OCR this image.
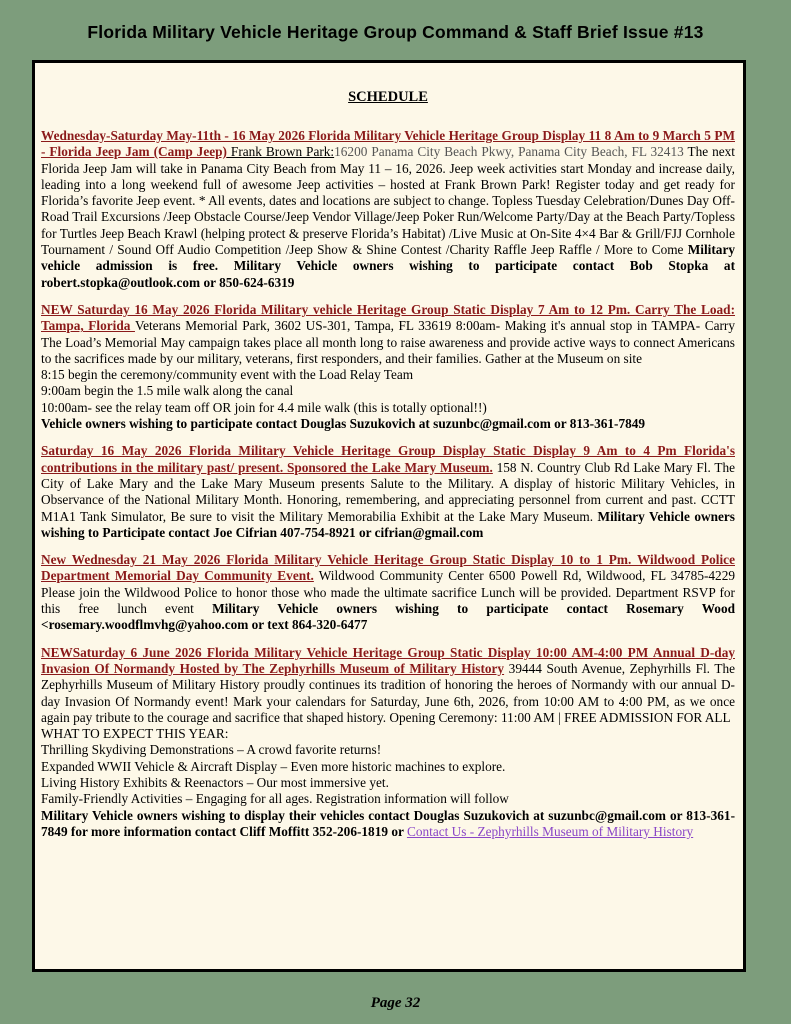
Florida Military Vehicle Heritage Group Command & Staff Brief Issue #13
SCHEDULE
Wednesday-Saturday May-11th - 16 May 2026 Florida Military Vehicle Heritage Group Display 11 8 Am to 9 March 5 PM - Florida Jeep Jam (Camp Jeep) Frank Brown Park:16200 Panama City Beach Pkwy, Panama City Beach, FL 32413 The next Florida Jeep Jam will take in Panama City Beach from May 11 – 16, 2026. Jeep week activities start Monday and increase daily, leading into a long weekend full of awesome Jeep activities – hosted at Frank Brown Park! Register today and get ready for Florida’s favorite Jeep event. * All events, dates and locations are subject to change. Topless Tuesday Celebration/Dunes Day Off-Road Trail Excursions /Jeep Obstacle Course/Jeep Vendor Village/Jeep Poker Run/Welcome Party/Day at the Beach Party/Topless for Turtles Jeep Beach Krawl (helping protect & preserve Florida’s Habitat) /Live Music at On-Site 4×4 Bar & Grill/FJJ Cornhole Tournament / Sound Off Audio Competition /Jeep Show & Shine Contest /Charity Raffle Jeep Raffle / More to Come Military vehicle admission is free. Military Vehicle owners wishing to participate contact Bob Stopka at robert.stopka@outlook.com or 850-624-6319
NEW Saturday 16 May 2026 Florida Military vehicle Heritage Group Static Display 7 Am to 12 Pm. Carry The Load: Tampa, Florida Veterans Memorial Park, 3602 US-301, Tampa, FL 33619 8:00am- Making it's annual stop in TAMPA- Carry The Load’s Memorial May campaign takes place all month long to raise awareness and provide active ways to connect Americans to the sacrifices made by our military, veterans, first responders, and their families. Gather at the Museum on site
8:15 begin the ceremony/community event with the Load Relay Team
9:00am begin the 1.5 mile walk along the canal
10:00am- see the relay team off OR join for 4.4 mile walk (this is totally optional!!)
Vehicle owners wishing to participate contact Douglas Suzukovich at suzunbc@gmail.com or 813-361-7849
Saturday 16 May 2026 Florida Military Vehicle Heritage Group Display Static Display 9 Am to 4 Pm Florida's contributions in the military past/ present. Sponsored the Lake Mary Museum. 158 N. Country Club Rd Lake Mary Fl. The City of Lake Mary and the Lake Mary Museum presents Salute to the Military. A display of historic Military Vehicles, in Observance of the National Military Month. Honoring, remembering, and appreciating personnel from current and past. CCTT M1A1 Tank Simulator, Be sure to visit the Military Memorabilia Exhibit at the Lake Mary Museum. Military Vehicle owners wishing to Participate contact Joe Cifrian 407-754-8921 or cifrian@gmail.com
New Wednesday 21 May 2026 Florida Military Vehicle Heritage Group Static Display 10 to 1 Pm. Wildwood Police Department Memorial Day Community Event. Wildwood Community Center 6500 Powell Rd, Wildwood, FL 34785-4229 Please join the Wildwood Police to honor those who made the ultimate sacrifice Lunch will be provided. Department RSVP for this free lunch event Military Vehicle owners wishing to participate contact Rosemary Wood <rosemary.woodflmvhg@yahoo.com or text 864-320-6477
NEWSaturday 6 June 2026 Florida Military Vehicle Heritage Group Static Display 10:00 AM-4:00 PM Annual D-day Invasion Of Normandy Hosted by The Zephyrhills Museum of Military History 39444 South Avenue, Zephyrhills Fl. The Zephyrhills Museum of Military History proudly continues its tradition of honoring the heroes of Normandy with our annual D-day Invasion Of Normandy event! Mark your calendars for Saturday, June 6th, 2026, from 10:00 AM to 4:00 PM, as we once again pay tribute to the courage and sacrifice that shaped history. Opening Ceremony: 11:00 AM | FREE ADMISSION FOR ALL
WHAT TO EXPECT THIS YEAR:
Thrilling Skydiving Demonstrations – A crowd favorite returns!
Expanded WWII Vehicle & Aircraft Display – Even more historic machines to explore.
Living History Exhibits & Reenactors – Our most immersive yet.
Family-Friendly Activities – Engaging for all ages. Registration information will follow
Military Vehicle owners wishing to display their vehicles contact Douglas Suzukovich at suzunbc@gmail.com or 813-361-7849 for more information contact Cliff Moffitt 352-206-1819 or Contact Us - Zephyrhills Museum of Military History
Page 32
